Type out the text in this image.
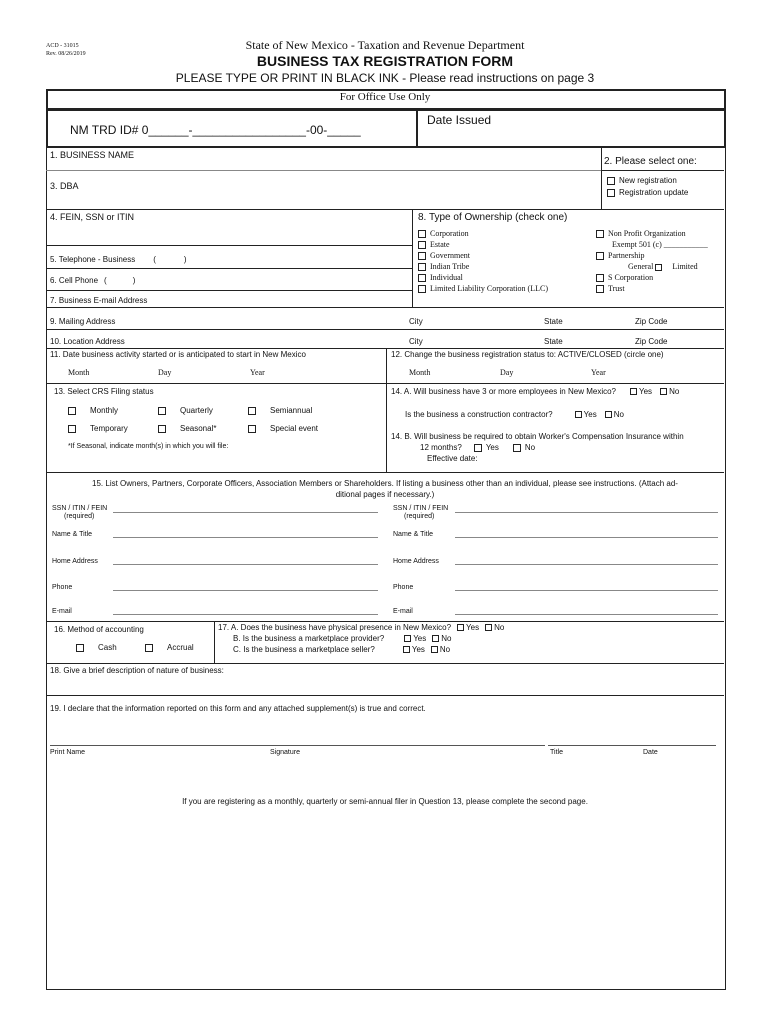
ACD - 31015
Rev. 08/26/2019
State of New Mexico - Taxation and Revenue Department
BUSINESS TAX REGISTRATION FORM
PLEASE TYPE OR PRINT IN BLACK INK - Please read instructions on page 3
For Office Use Only
NM TRD ID# 0______-_________________-00-_____
Date Issued
1. BUSINESS NAME
2. Please select one:
New registration
Registration update
3. DBA
4. FEIN, SSN or ITIN
5. Telephone - Business (	)
6. Cell Phone (	)
7. Business E-mail Address
8. Type of Ownership (check one)
Corporation
Estate
Government
Indian Tribe
Individual
Limited Liability Corporation (LLC)
Non Profit Organization
Exempt 501 (c) ___________
Partnership
General Limited
S Corporation
Trust
9. Mailing Address	City	State	Zip Code
10. Location Address	City	State	Zip Code
11. Date business activity started or is anticipated to start in New Mexico	12. Change the business registration status to: ACTIVE/CLOSED (circle one)
Month	Day	Year	Month	Day	Year
13. Select CRS Filing status
Monthly	Quarterly	Semiannual
Temporary	Seasonal*	Special event
*If Seasonal, indicate month(s) in which you will file:
14. A. Will business have 3 or more employees in New Mexico?	Yes No
Is the business a construction contractor?	Yes No
14. B. Will business be required to obtain Worker's Compensation Insurance within
12 months?	Yes	No
Effective date:
15. List Owners, Partners, Corporate Officers, Association Members or Shareholders. If listing a business other than an individual, please see instructions. (Attach ad-
ditional pages if necessary.)
SSN / ITIN / FEIN
(required)
Name & Title
Home Address
Phone
E-mail
SSN / ITIN / FEIN
(required)
Name & Title
Home Address
Phone
E-mail
16. Method of accounting
Cash	Accrual
17. A. Does the business have physical presence in New Mexico? Yes No
B. Is the business a marketplace provider?	Yes No
C. Is the business a marketplace seller?	Yes No
18. Give a brief description of nature of business:
19. I declare that the information reported on this form and any attached supplement(s) is true and correct.
Print Name	Signature	Title	Date
If you are registering as a monthly, quarterly or semi-annual filer in Question 13, please complete the second page.
